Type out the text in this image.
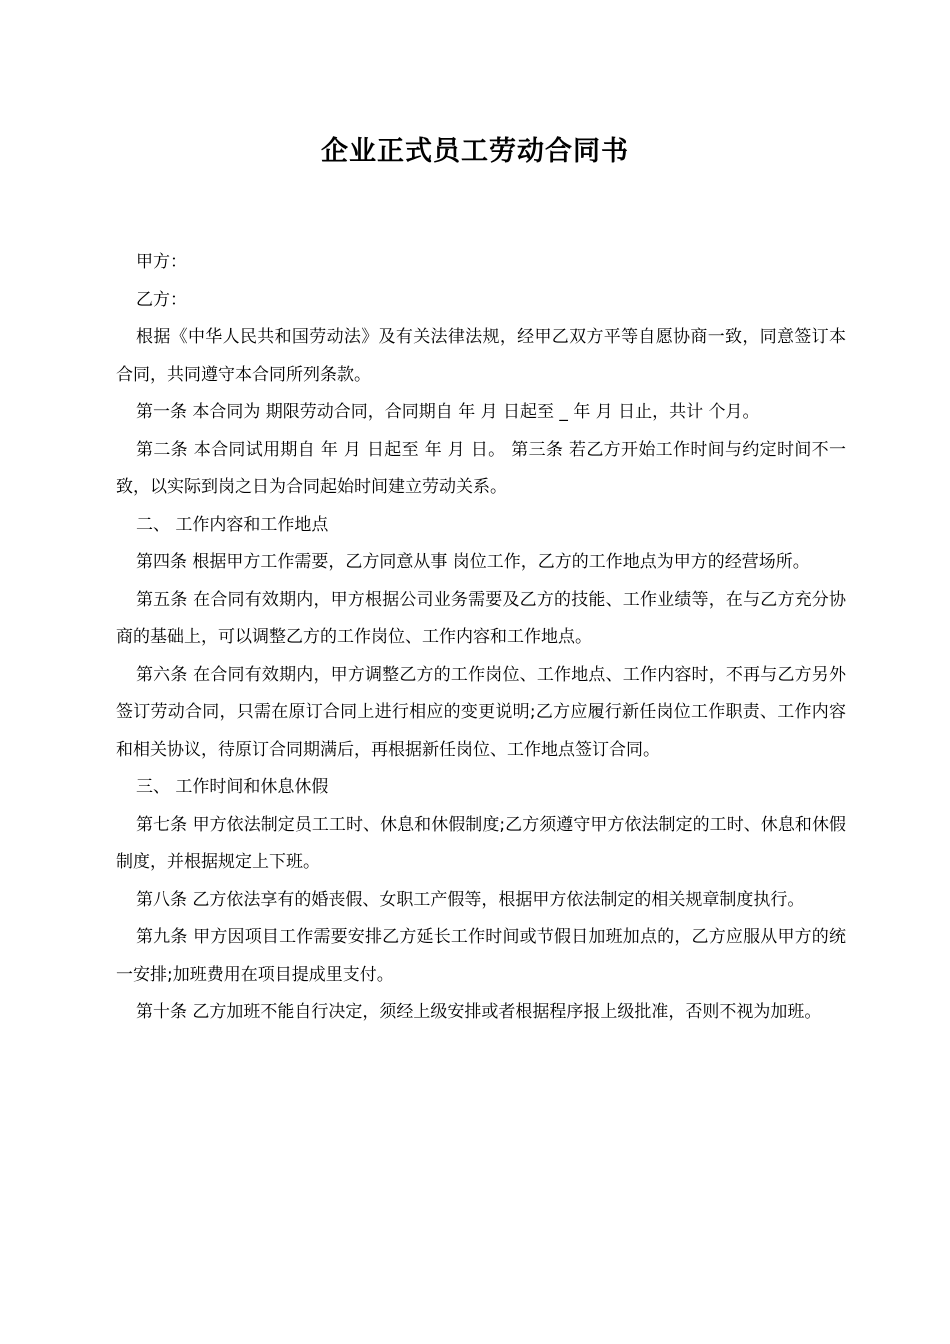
企业正式员工劳动合同书

甲方：

乙方：

根据《中华人民共和国劳动法》及有关法律法规，经甲乙双方平等自愿协商一致，同意签订本合同，共同遵守本合同所列条款。

第一条 本合同为 期限劳动合同，合同期自 年 月 日起至 _ 年 月 日止，共计 个月。

第二条 本合同试用期自 年 月 日起至 年 月 日。 第三条 若乙方开始工作时间与约定时间不一致，以实际到岗之日为合同起始时间建立劳动关系。

二、 工作内容和工作地点

第四条 根据甲方工作需要，乙方同意从事 岗位工作，乙方的工作地点为甲方的经营场所。

第五条 在合同有效期内，甲方根据公司业务需要及乙方的技能、工作业绩等，在与乙方充分协商的基础上，可以调整乙方的工作岗位、工作内容和工作地点。

第六条 在合同有效期内，甲方调整乙方的工作岗位、工作地点、工作内容时，不再与乙方另外签订劳动合同，只需在原订合同上进行相应的变更说明;乙方应履行新任岗位工作职责、工作内容和相关协议，待原订合同期满后，再根据新任岗位、工作地点签订合同。

三、 工作时间和休息休假

第七条 甲方依法制定员工工时、休息和休假制度;乙方须遵守甲方依法制定的工时、休息和休假制度，并根据规定上下班。

第八条 乙方依法享有的婚丧假、女职工产假等，根据甲方依法制定的相关规章制度执行。

第九条 甲方因项目工作需要安排乙方延长工作时间或节假日加班加点的，乙方应服从甲方的统一安排;加班费用在项目提成里支付。

第十条 乙方加班不能自行决定，须经上级安排或者根据程序报上级批准，否则不视为加班。
